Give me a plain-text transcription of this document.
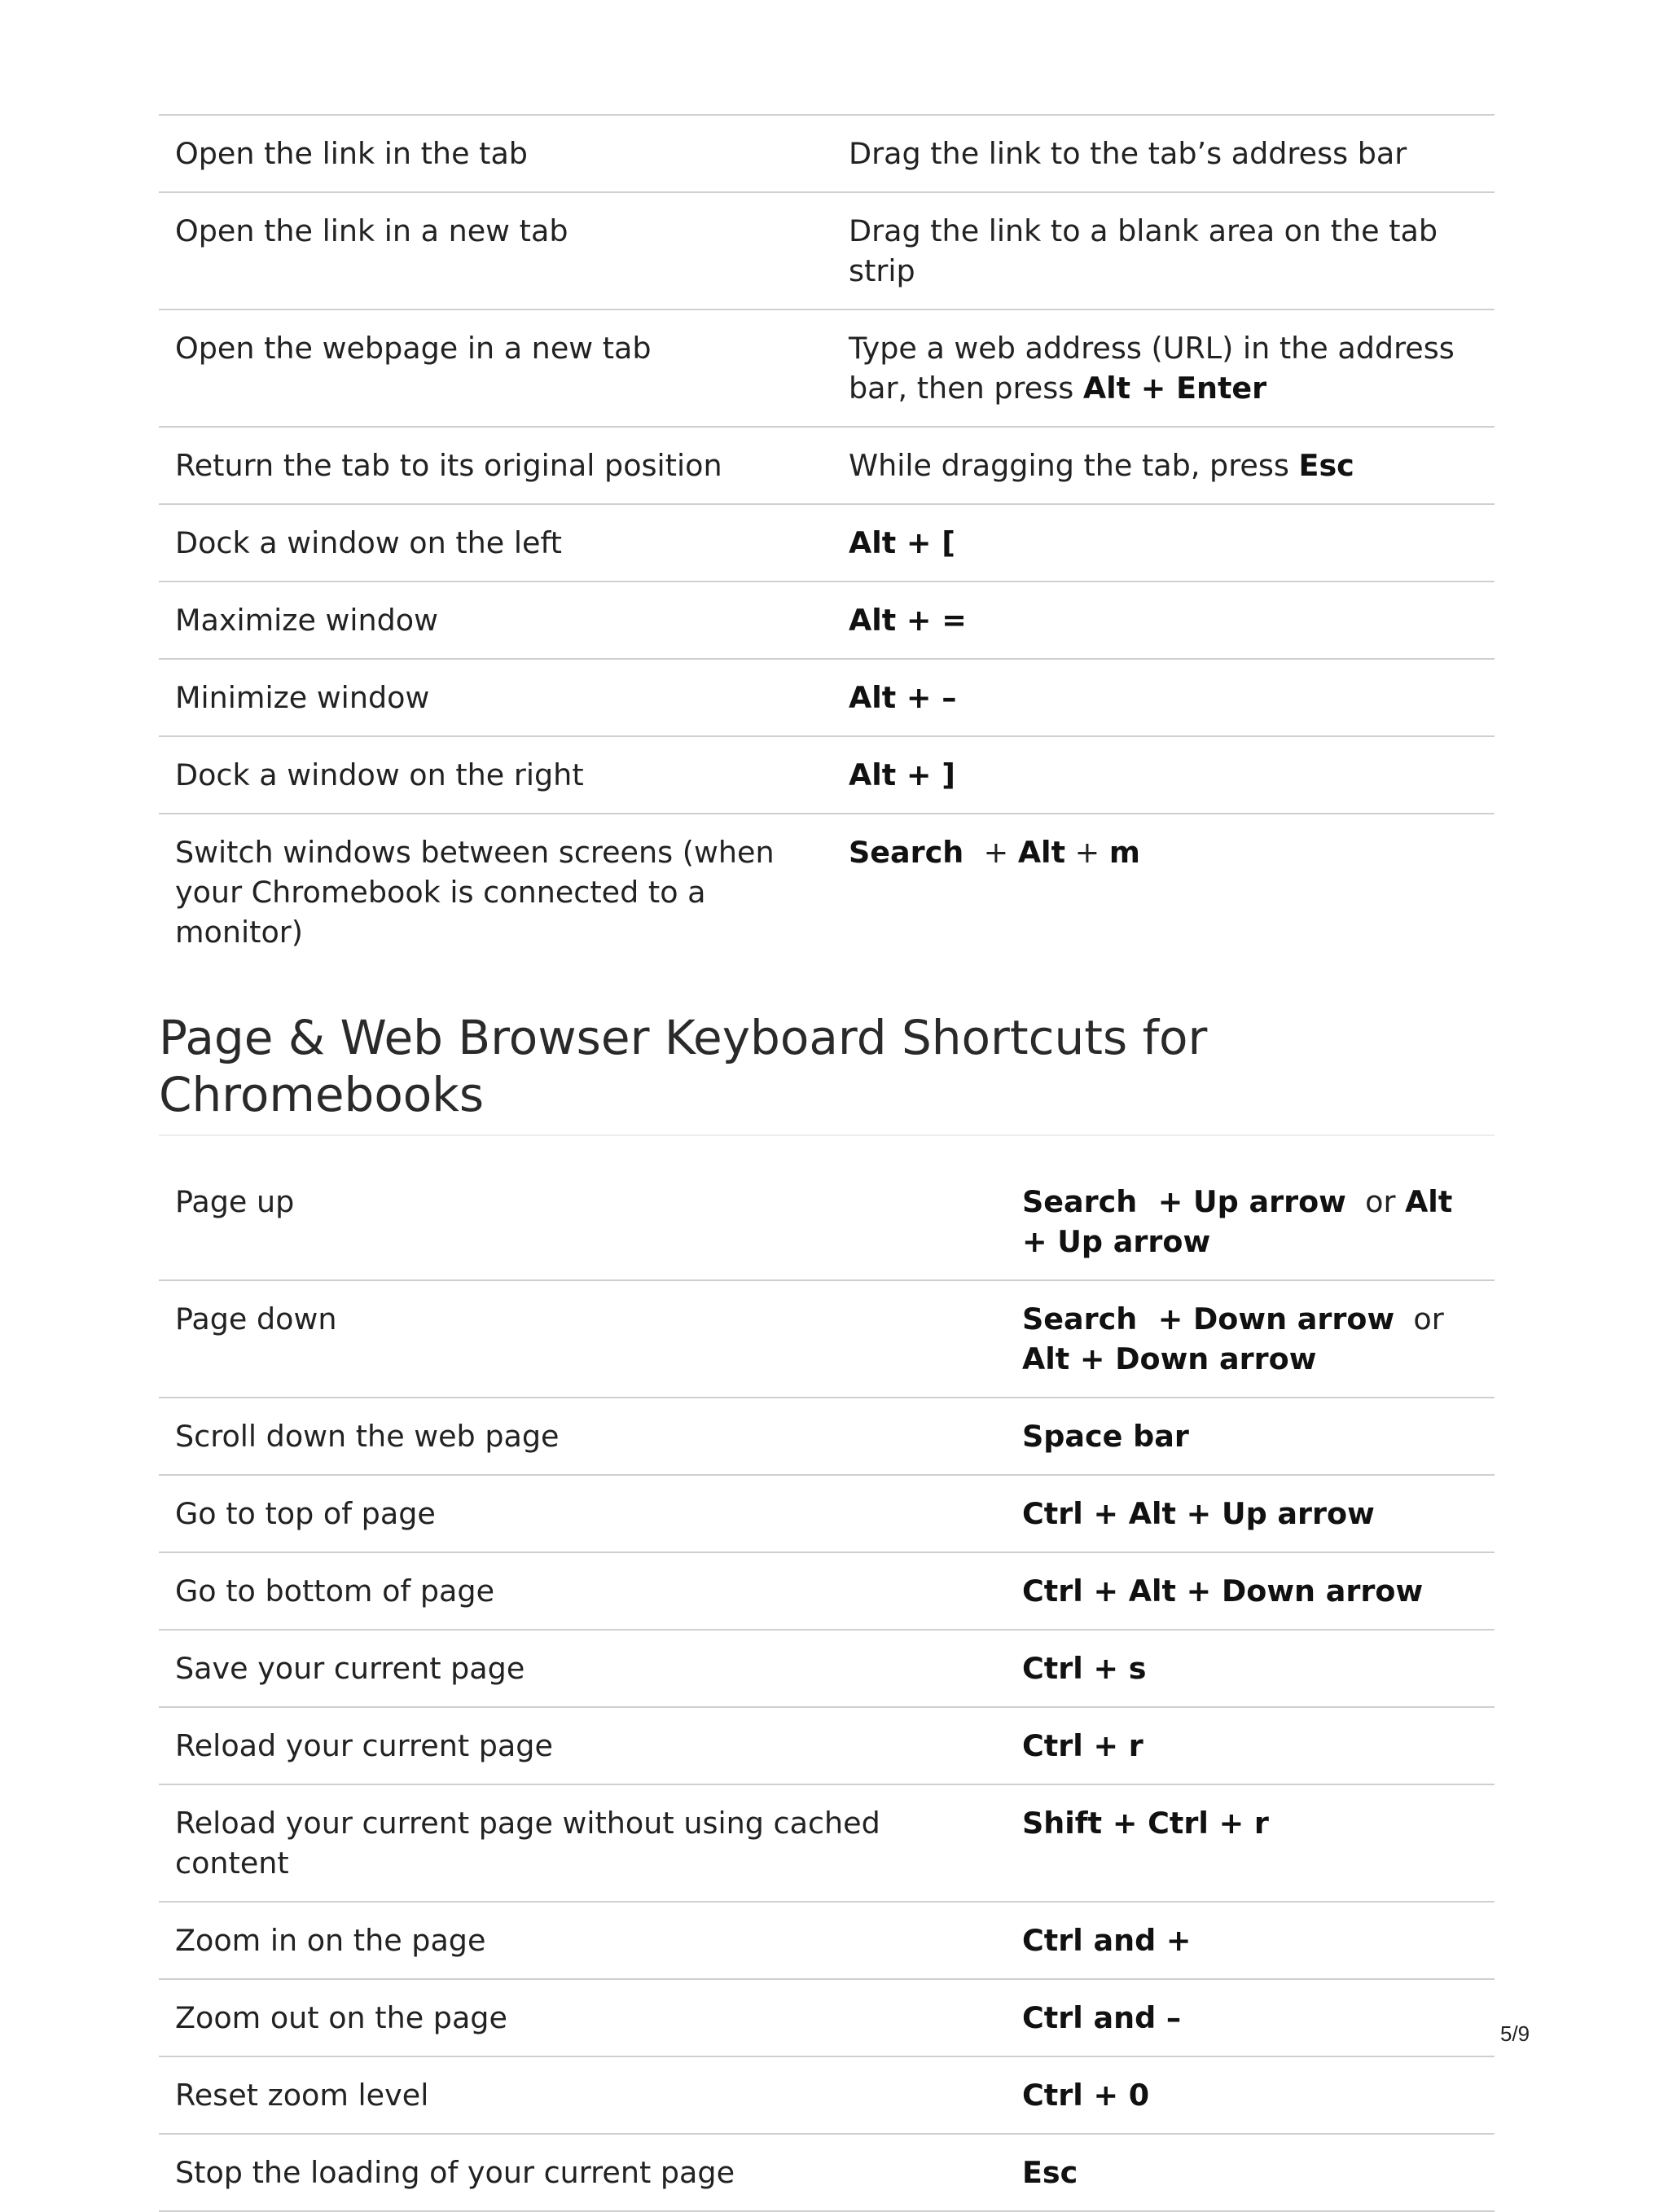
Open the link in the tab	Drag the link to the tab’s address bar
Open the link in a new tab	Drag the link to a blank area on the tab strip
Open the webpage in a new tab	Type a web address (URL) in the address bar, then press Alt + Enter
Return the tab to its original position	While dragging the tab, press Esc
Dock a window on the left	Alt + [
Maximize window	Alt + =
Minimize window	Alt + –
Dock a window on the right	Alt + ]
Switch windows between screens (when your Chromebook is connected to a monitor)	Search  + Alt + m
Page & Web Browser Keyboard Shortcuts for Chromebooks
Page up	Search  + Up arrow  or Alt + Up arrow
Page down	Search  + Down arrow  or Alt + Down arrow
Scroll down the web page	Space bar
Go to top of page	Ctrl + Alt + Up arrow
Go to bottom of page	Ctrl + Alt + Down arrow
Save your current page	Ctrl + s
Reload your current page	Ctrl + r
Reload your current page without using cached content	Shift + Ctrl + r
Zoom in on the page	Ctrl and +
Zoom out on the page	Ctrl and –
Reset zoom level	Ctrl + 0
Stop the loading of your current page	Esc
5/9
